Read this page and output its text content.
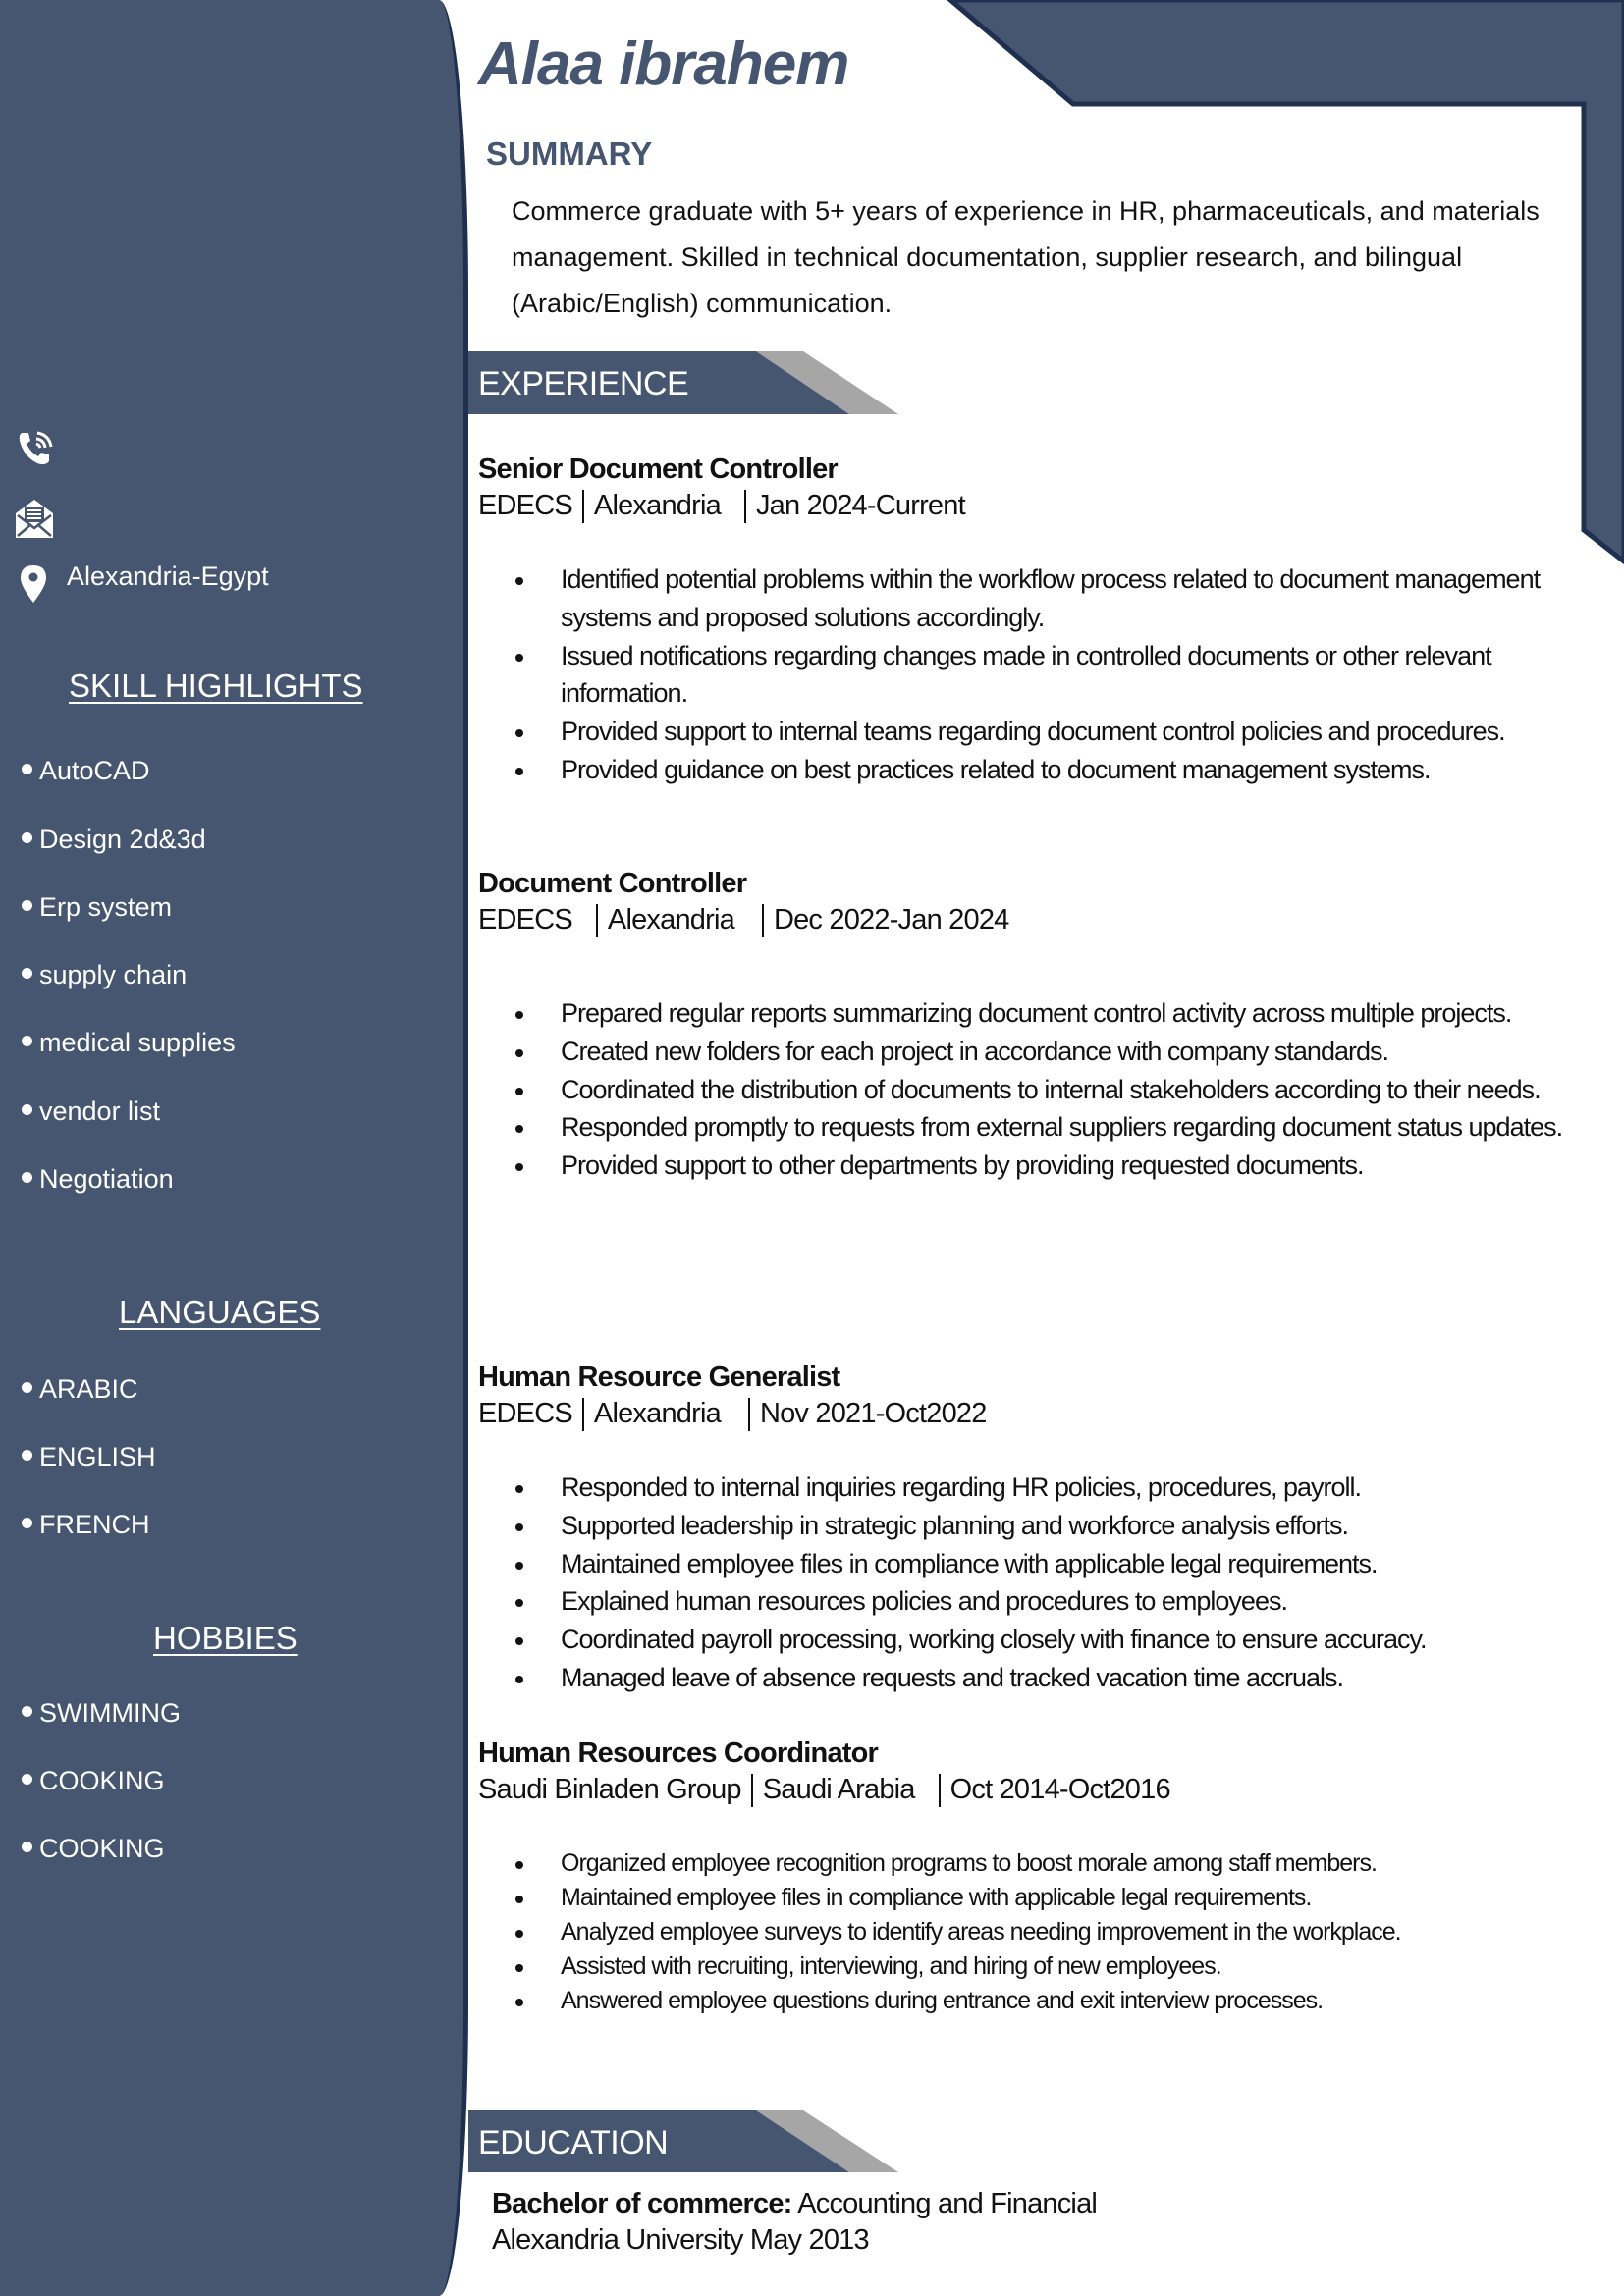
Alaa ibrahem
SUMMARY
Commerce graduate with 5+ years of experience in HR, pharmaceuticals, and materials management. Skilled in technical documentation, supplier research, and bilingual (Arabic/English) communication.
EXPERIENCE
Alexandria-Egypt
SKILL HIGHLIGHTS
AutoCAD
Design 2d&3d
Erp system
supply chain
medical supplies
vendor list
Negotiation
LANGUAGES
ARABIC
ENGLISH
FRENCH
HOBBIES
SWIMMING
COOKING
COOKING
Senior Document Controller
EDECS Alexandria Jan 2024-Current
Identified potential problems within the workflow process related to document management systems and proposed solutions accordingly.
Issued notifications regarding changes made in controlled documents or other relevant information.
Provided support to internal teams regarding document control policies and procedures.
Provided guidance on best practices related to document management systems.
Document Controller
EDECS Alexandria Dec 2022-Jan 2024
Prepared regular reports summarizing document control activity across multiple projects.
Created new folders for each project in accordance with company standards.
Coordinated the distribution of documents to internal stakeholders according to their needs.
Responded promptly to requests from external suppliers regarding document status updates.
Provided support to other departments by providing requested documents.
Human Resource Generalist
EDECS Alexandria Nov 2021-Oct2022
Responded to internal inquiries regarding HR policies, procedures, payroll.
Supported leadership in strategic planning and workforce analysis efforts.
Maintained employee files in compliance with applicable legal requirements.
Explained human resources policies and procedures to employees.
Coordinated payroll processing, working closely with finance to ensure accuracy.
Managed leave of absence requests and tracked vacation time accruals.
Human Resources Coordinator
Saudi Binladen Group Saudi Arabia Oct 2014-Oct2016
Organized employee recognition programs to boost morale among staff members.
Maintained employee files in compliance with applicable legal requirements.
Analyzed employee surveys to identify areas needing improvement in the workplace.
Assisted with recruiting, interviewing, and hiring of new employees.
Answered employee questions during entrance and exit interview processes.
EDUCATION
Bachelor of commerce: Accounting and Financial
Alexandria University May 2013
